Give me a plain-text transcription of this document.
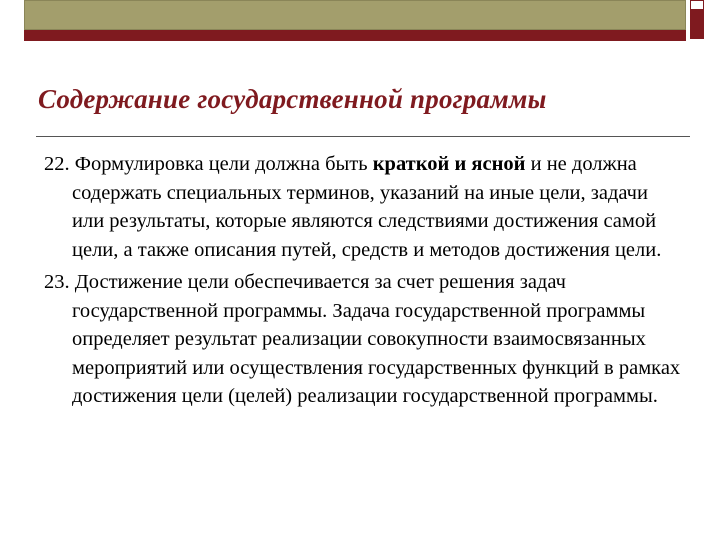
Содержание государственной программы

22. Формулировка цели должна быть краткой и ясной и не должна содержать специальных терминов, указаний на иные цели, задачи или результаты, которые являются следствиями достижения самой цели, а также описания путей, средств и методов достижения цели.

23. Достижение цели обеспечивается за счет решения задач государственной программы. Задача государственной программы определяет результат реализации совокупности взаимосвязанных мероприятий или осуществления государственных функций в рамках достижения цели (целей) реализации государственной программы.
